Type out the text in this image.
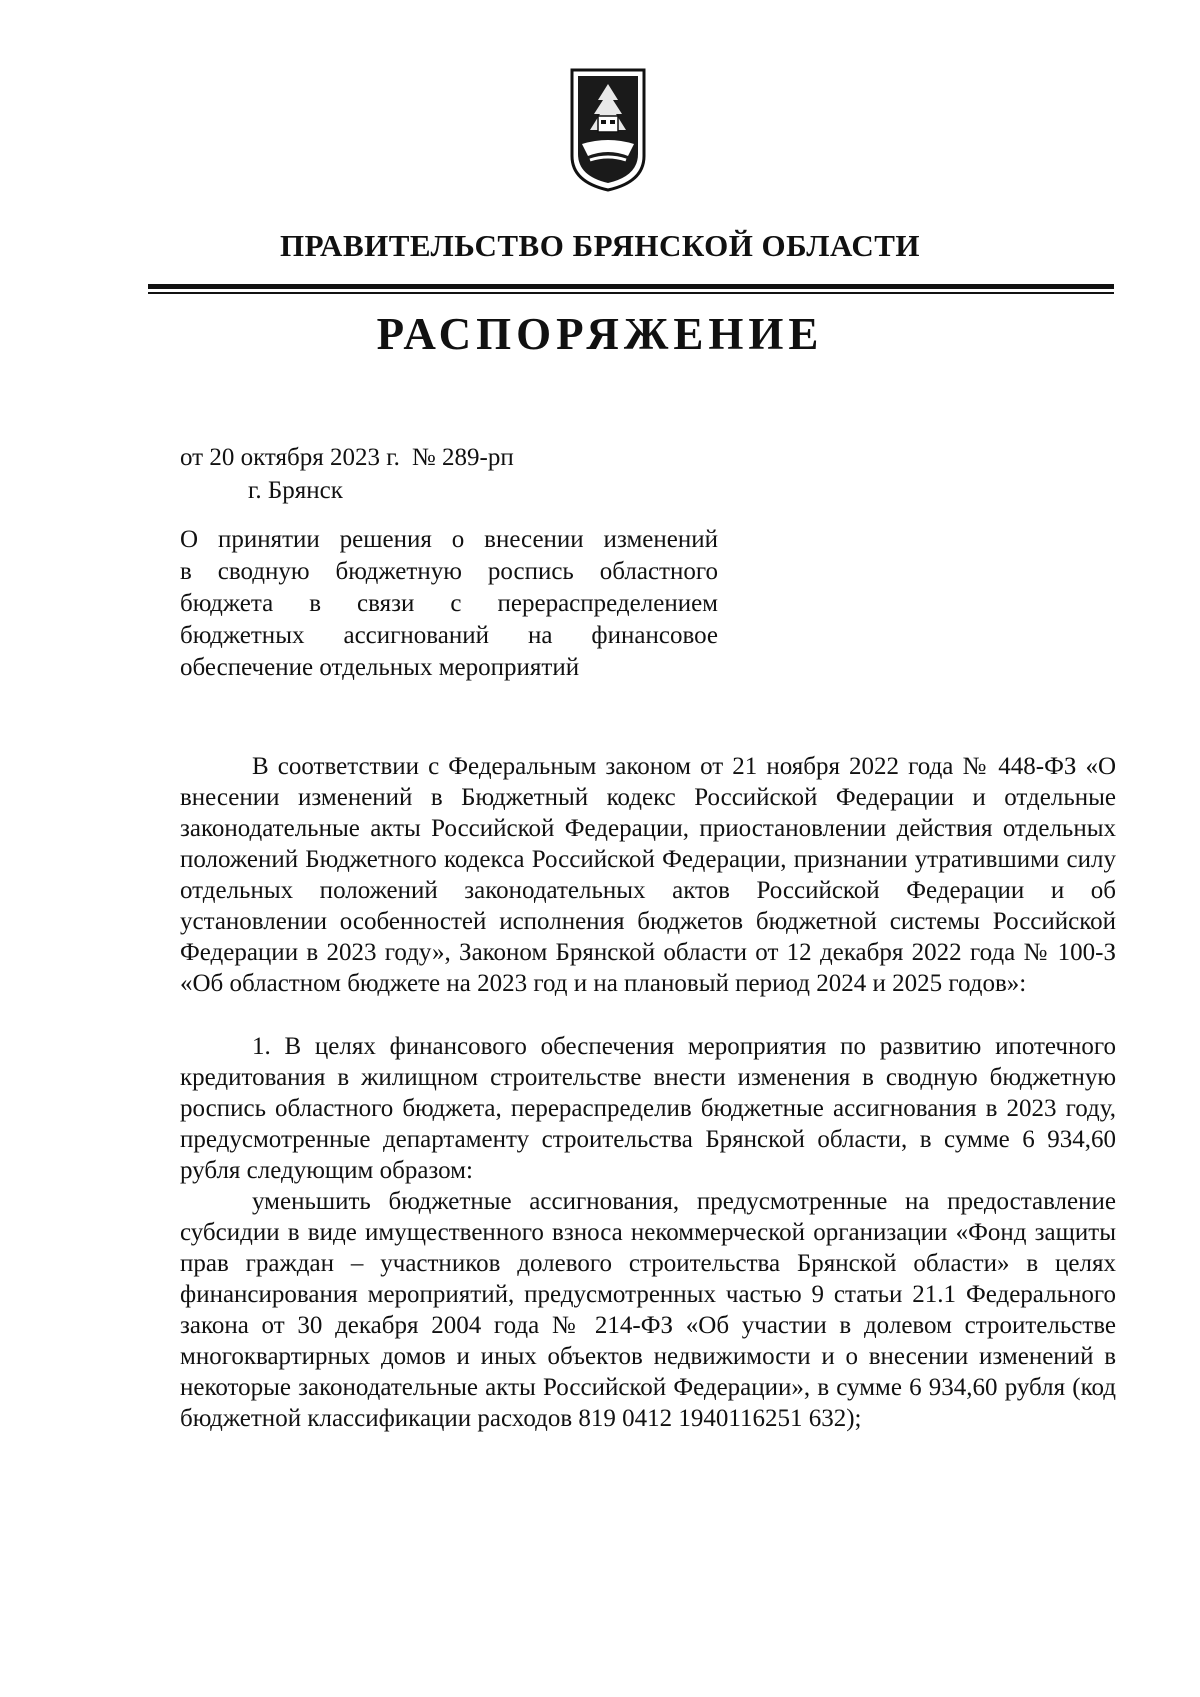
ПРАВИТЕЛЬСТВО БРЯНСКОЙ ОБЛАСТИ
РАСПОРЯЖЕНИЕ
от 20 октября 2023 г. № 289-рп
г. Брянск
О принятии решения о внесении изменений
в сводную бюджетную роспись областного
бюджета в связи с перераспределением
бюджетных ассигнований на финансовое
обеспечение отдельных мероприятий

В соответствии с Федеральным законом от 21 ноября 2022 года № 448-ФЗ «О внесении изменений в Бюджетный кодекс Российской Федерации и отдельные законодательные акты Российской Федерации, приостановлении действия отдельных положений Бюджетного кодекса Российской Федерации, признании утратившими силу отдельных положений законодательных актов Российской Федерации и об установлении особенностей исполнения бюджетов бюджетной системы Российской Федерации в 2023 году», Законом Брянской области от 12 декабря 2022 года № 100-З «Об областном бюджете на 2023 год и на плановый период 2024 и 2025 годов»:

1. В целях финансового обеспечения мероприятия по развитию ипотечного кредитования в жилищном строительстве внести изменения в сводную бюджетную роспись областного бюджета, перераспределив бюджетные ассигнования в 2023 году, предусмотренные департаменту строительства Брянской области, в сумме 6 934,60 рубля следующим образом:

уменьшить бюджетные ассигнования, предусмотренные на предоставление субсидии в виде имущественного взноса некоммерческой организации «Фонд защиты прав граждан – участников долевого строительства Брянской области» в целях финансирования мероприятий, предусмотренных частью 9 статьи 21.1 Федерального закона от 30 декабря 2004 года № 214-ФЗ «Об участии в долевом строительстве многоквартирных домов и иных объектов недвижимости и о внесении изменений в некоторые законодательные акты Российской Федерации», в сумме 6 934,60 рубля (код бюджетной классификации расходов 819 0412 1940116251 632);
